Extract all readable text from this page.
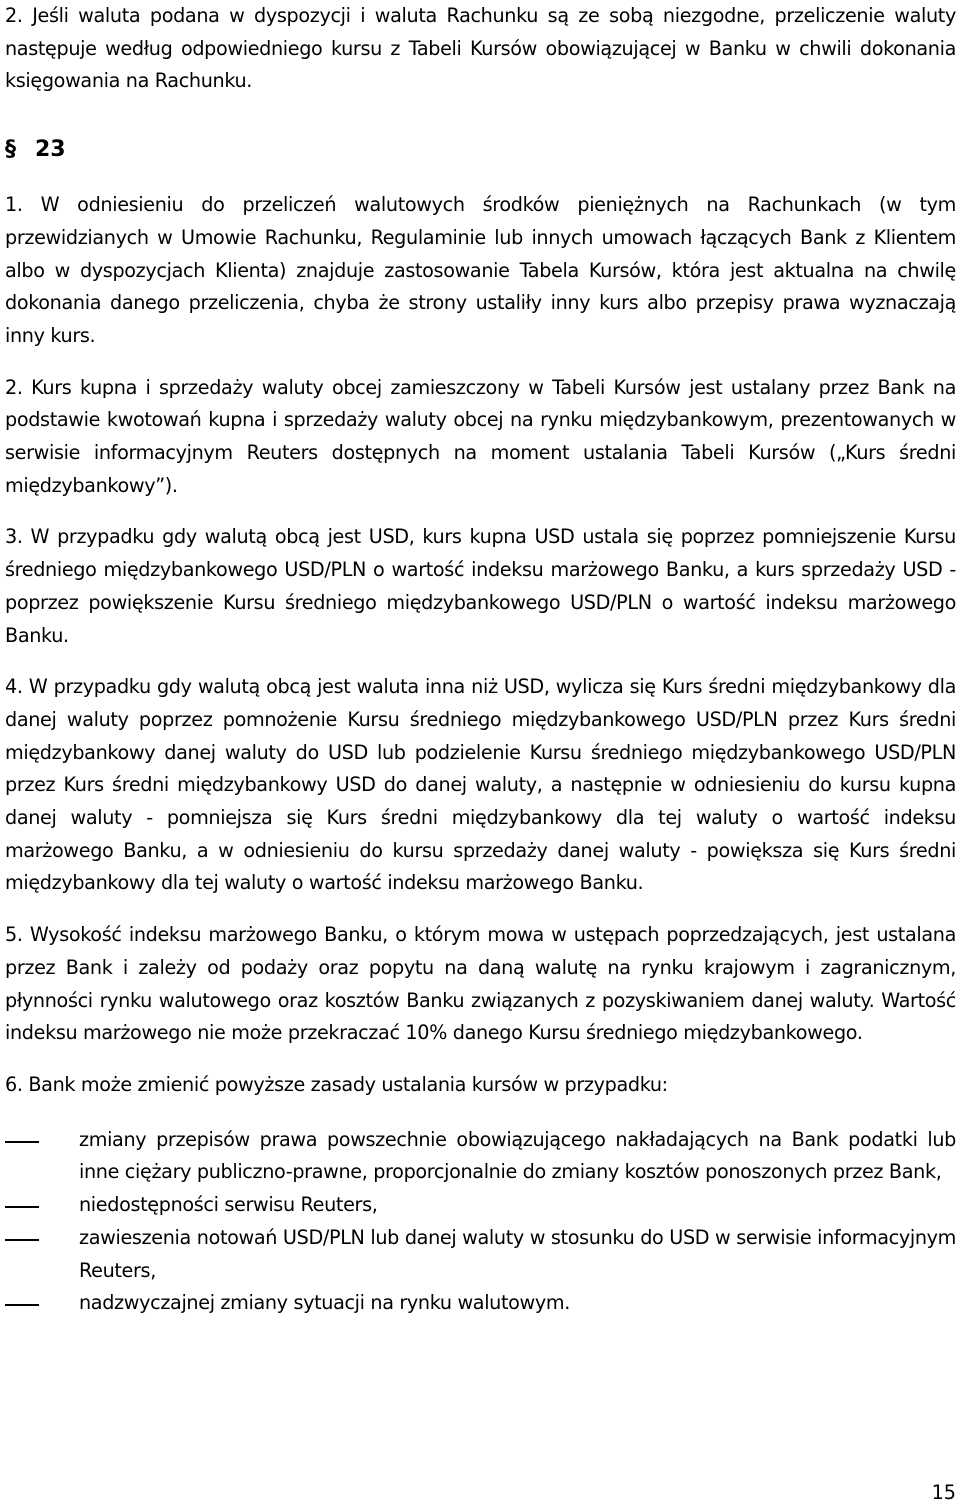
2. Jeśli waluta podana w dyspozycji i waluta Rachunku są ze sobą niezgodne, przeliczenie waluty następuje według odpowiedniego kursu z Tabeli Kursów obowiązującej w Banku w chwili dokonania księgowania na Rachunku.

§ 23

1. W odniesieniu do przeliczeń walutowych środków pieniężnych na Rachunkach (w tym przewidzianych w Umowie Rachunku, Regulaminie lub innych umowach łączących Bank z Klientem albo w dyspozycjach Klienta) znajduje zastosowanie Tabela Kursów, która jest aktualna na chwilę dokonania danego przeliczenia, chyba że strony ustaliły inny kurs albo przepisy prawa wyznaczają inny kurs.

2. Kurs kupna i sprzedaży waluty obcej zamieszczony w Tabeli Kursów jest ustalany przez Bank na podstawie kwotowań kupna i sprzedaży waluty obcej na rynku międzybankowym, prezentowanych w serwisie informacyjnym Reuters dostępnych na moment ustalania Tabeli Kursów („Kurs średni międzybankowy”).

3. W przypadku gdy walutą obcą jest USD, kurs kupna USD ustala się poprzez pomniejszenie Kursu średniego międzybankowego USD/PLN o wartość indeksu marżowego Banku, a kurs sprzedaży USD - poprzez powiększenie Kursu średniego międzybankowego USD/PLN o wartość indeksu marżowego Banku.

4. W przypadku gdy walutą obcą jest waluta inna niż USD, wylicza się Kurs średni międzybankowy dla danej waluty poprzez pomnożenie Kursu średniego międzybankowego USD/PLN przez Kurs średni międzybankowy danej waluty do USD lub podzielenie Kursu średniego międzybankowego USD/PLN przez Kurs średni międzybankowy USD do danej waluty, a następnie w odniesieniu do kursu kupna danej waluty - pomniejsza się Kurs średni międzybankowy dla tej waluty o wartość indeksu marżowego Banku, a w odniesieniu do kursu sprzedaży danej waluty - powiększa się Kurs średni międzybankowy dla tej waluty o wartość indeksu marżowego Banku.

5. Wysokość indeksu marżowego Banku, o którym mowa w ustępach poprzedzających, jest ustalana przez Bank i zależy od podaży oraz popytu na daną walutę na rynku krajowym i zagranicznym, płynności rynku walutowego oraz kosztów Banku związanych z pozyskiwaniem danej waluty. Wartość indeksu marżowego nie może przekraczać 10% danego Kursu średniego międzybankowego.

6. Bank może zmienić powyższe zasady ustalania kursów w przypadku:

zmiany przepisów prawa powszechnie obowiązującego nakładających na Bank podatki lub inne ciężary publiczno-prawne, proporcjonalnie do zmiany kosztów ponoszonych przez Bank,
niedostępności serwisu Reuters,
zawieszenia notowań USD/PLN lub danej waluty w stosunku do USD w serwisie informacyjnym Reuters,
nadzwyczajnej zmiany sytuacji na rynku walutowym.
15
